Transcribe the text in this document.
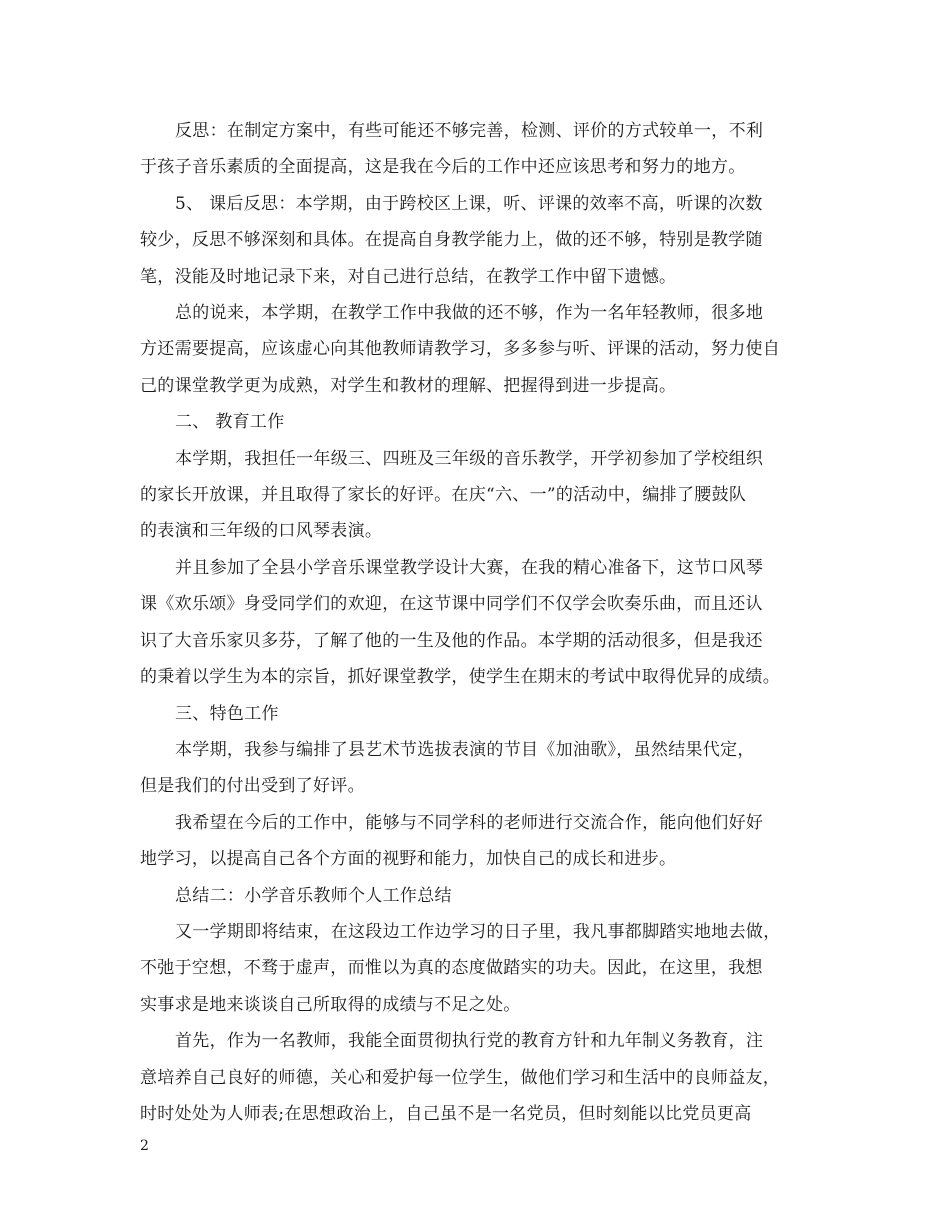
反思：在制定方案中，有些可能还不够完善，检测、评价的方式较单一，不利
于孩子音乐素质的全面提高，这是我在今后的工作中还应该思考和努力的地方。

5、 课后反思：本学期，由于跨校区上课，听、评课的效率不高，听课的次数
较少，反思不够深刻和具体。在提高自身教学能力上，做的还不够，特别是教学随
笔，没能及时地记录下来，对自己进行总结，在教学工作中留下遗憾。

总的说来，本学期，在教学工作中我做的还不够，作为一名年轻教师，很多地
方还需要提高，应该虚心向其他教师请教学习，多多参与听、评课的活动，努力使自
己的课堂教学更为成熟，对学生和教材的理解、把握得到进一步提高。

二、 教育工作

本学期，我担任一年级三、四班及三年级的音乐教学，开学初参加了学校组织
的家长开放课，并且取得了家长的好评。在庆“六、一”的活动中，编排了腰鼓队
的表演和三年级的口风琴表演。

并且参加了全县小学音乐课堂教学设计大赛，在我的精心准备下，这节口风琴
课《欢乐颂》身受同学们的欢迎，在这节课中同学们不仅学会吹奏乐曲，而且还认
识了大音乐家贝多芬，了解了他的一生及他的作品。本学期的活动很多，但是我还
的秉着以学生为本的宗旨，抓好课堂教学，使学生在期末的考试中取得优异的成绩。

三、特色工作

本学期，我参与编排了县艺术节选拔表演的节目《加油歌》，虽然结果代定，
但是我们的付出受到了好评。

我希望在今后的工作中，能够与不同学科的老师进行交流合作，能向他们好好
地学习，以提高自己各个方面的视野和能力，加快自己的成长和进步。

总结二：小学音乐教师个人工作总结

又一学期即将结束，在这段边工作边学习的日子里，我凡事都脚踏实地地去做，
不弛于空想，不骛于虚声，而惟以为真的态度做踏实的功夫。因此，在这里，我想
实事求是地来谈谈自己所取得的成绩与不足之处。

首先，作为一名教师，我能全面贯彻执行党的教育方针和九年制义务教育，注
意培养自己良好的师德，关心和爱护每一位学生，做他们学习和生活中的良师益友，
时时处处为人师表;在思想政治上，自己虽不是一名党员，但时刻能以比党员更高

2
